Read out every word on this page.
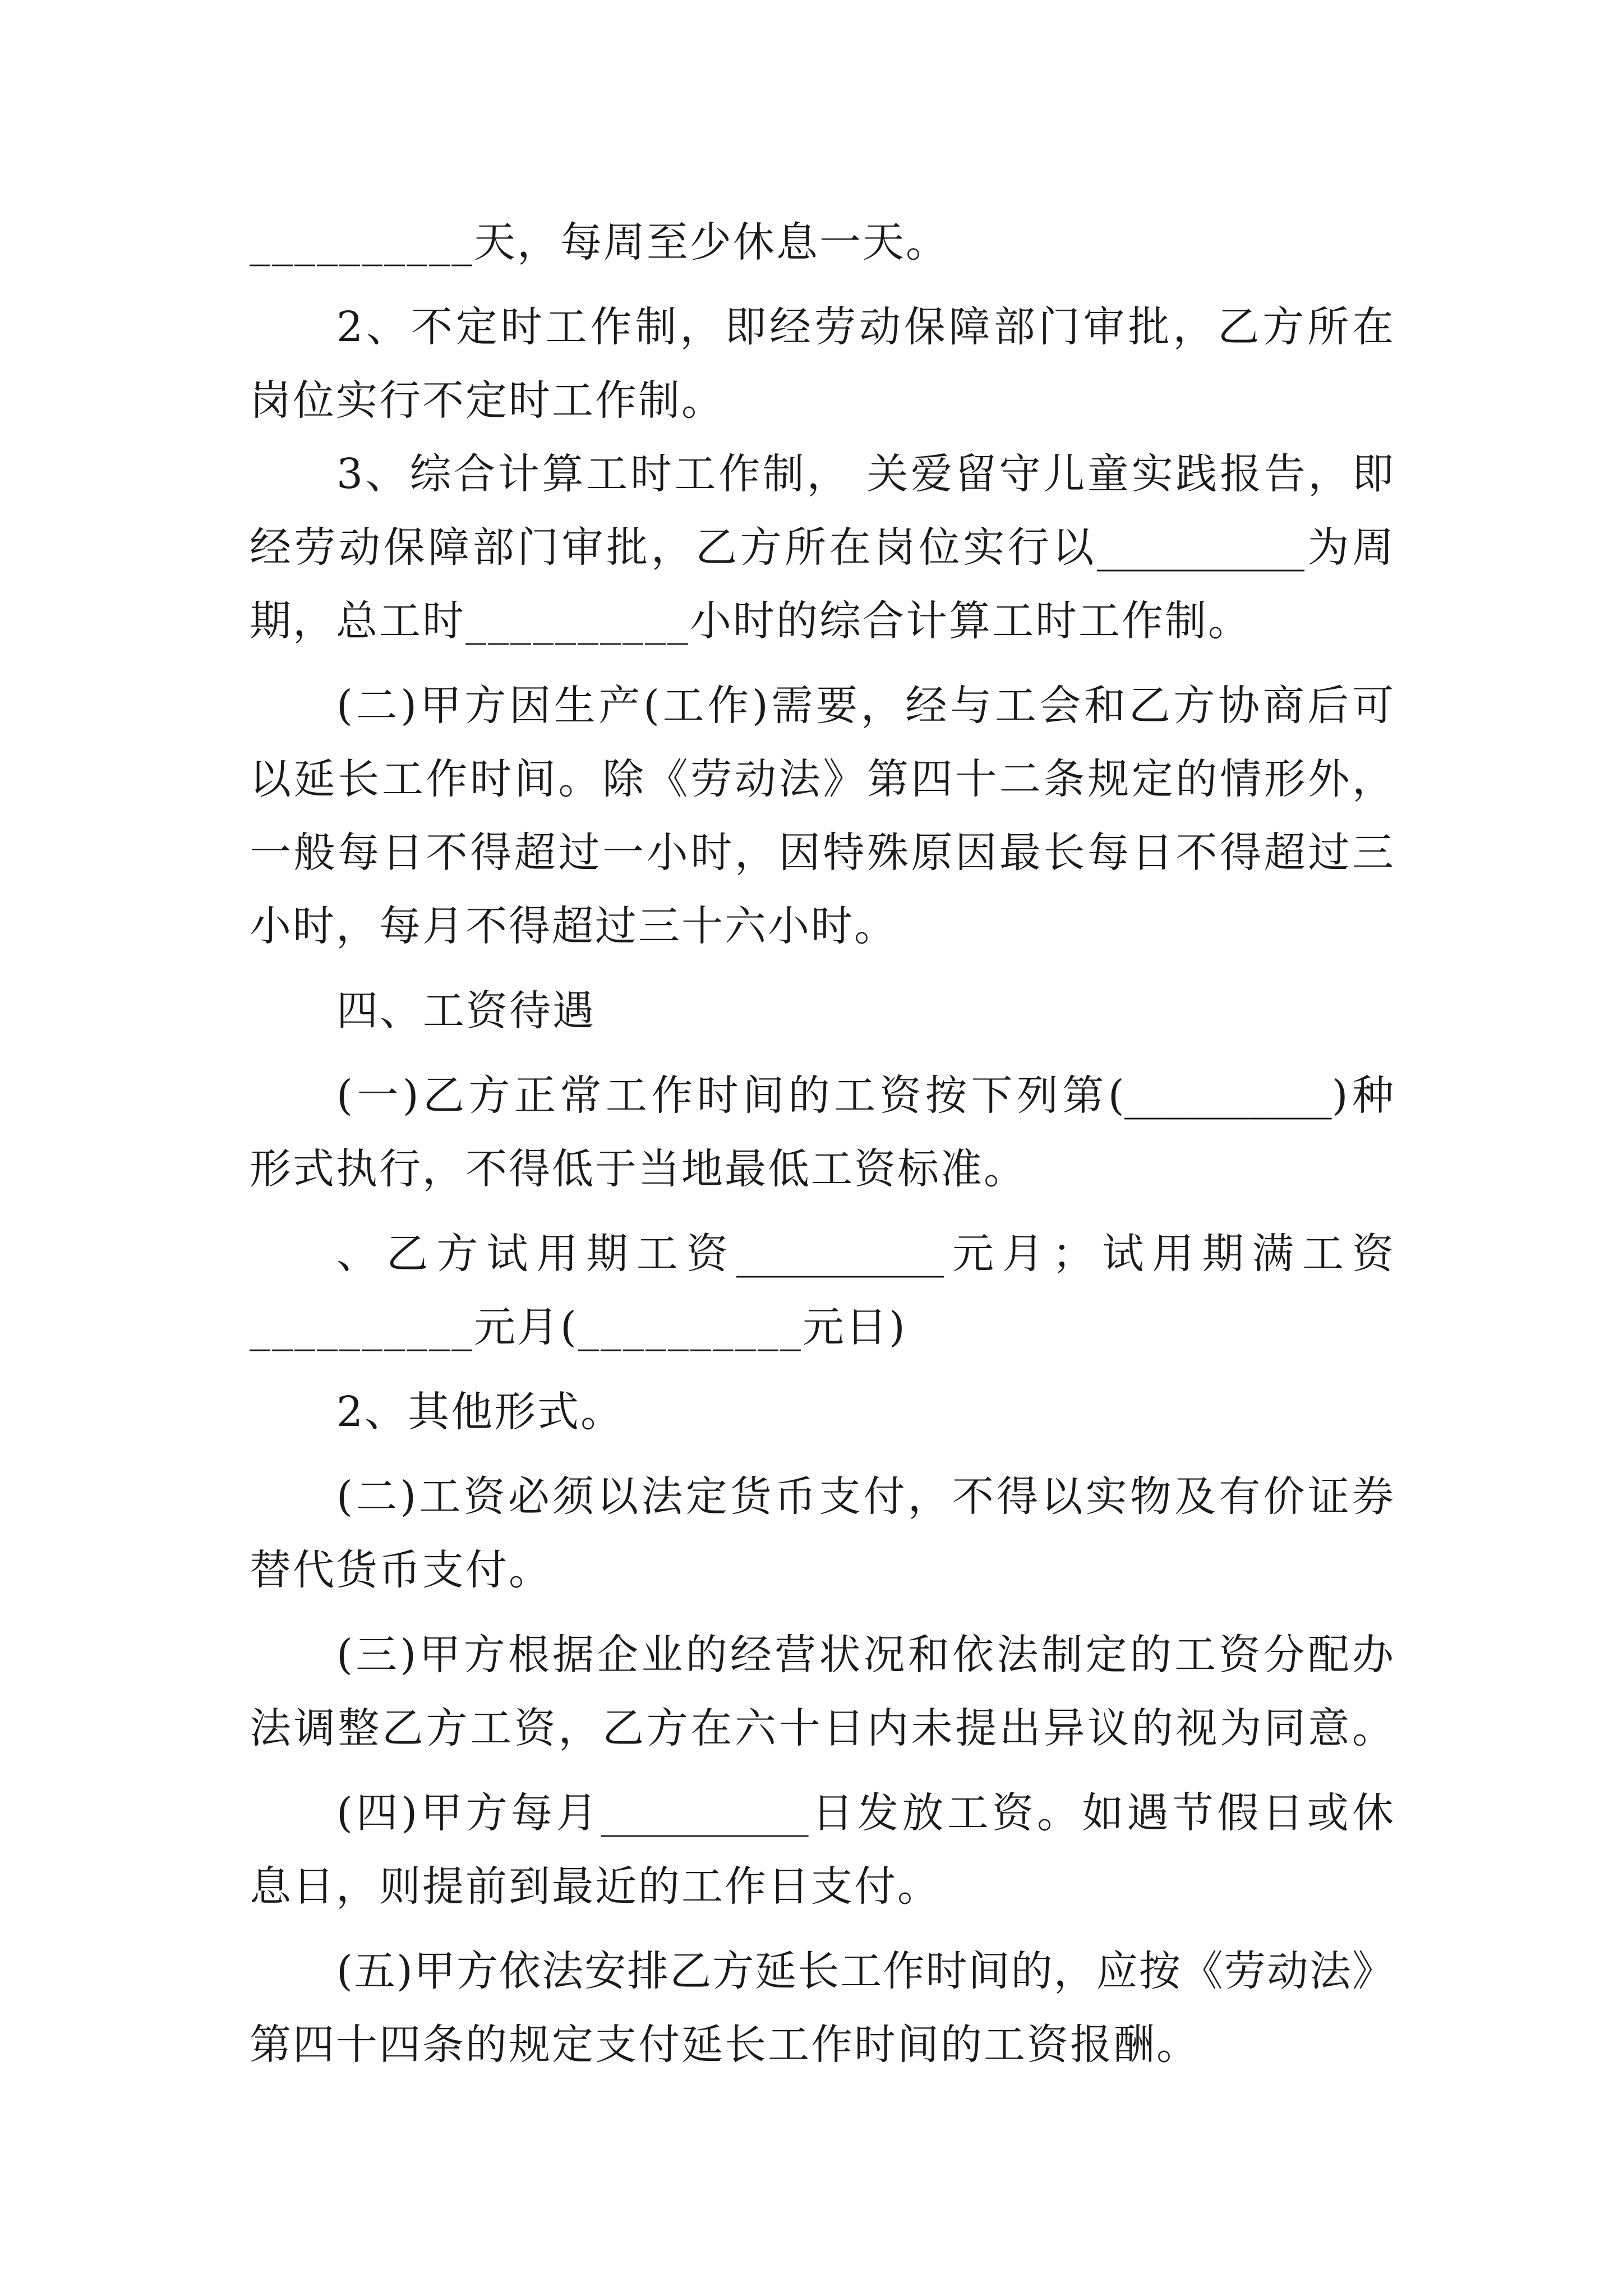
__________天，每周至少休息一天。
2、不定时工作制，即经劳动保障部门审批，乙方所在
岗位实行不定时工作制。
3、综合计算工时工作制， 关爱留守儿童实践报告，即
经劳动保障部门审批，乙方所在岗位实行以__________为周
期，总工时__________小时的综合计算工时工作制。
(二)甲方因生产(工作)需要，经与工会和乙方协商后可
以延长工作时间。除《劳动法》第四十二条规定的情形外，
一般每日不得超过一小时，因特殊原因最长每日不得超过三
小时，每月不得超过三十六小时。
四、工资待遇
(一)乙方正常工作时间的工资按下列第(__________)种
形式执行，不得低于当地最低工资标准。
、乙方试用期工资__________元月；试用期满工资
__________元月(__________元日)
2、其他形式。
(二)工资必须以法定货币支付，不得以实物及有价证券
替代货币支付。
(三)甲方根据企业的经营状况和依法制定的工资分配办
法调整乙方工资，乙方在六十日内未提出异议的视为同意。
(四)甲方每月__________日发放工资。如遇节假日或休
息日，则提前到最近的工作日支付。
(五)甲方依法安排乙方延长工作时间的，应按《劳动法》
第四十四条的规定支付延长工作时间的工资报酬。
